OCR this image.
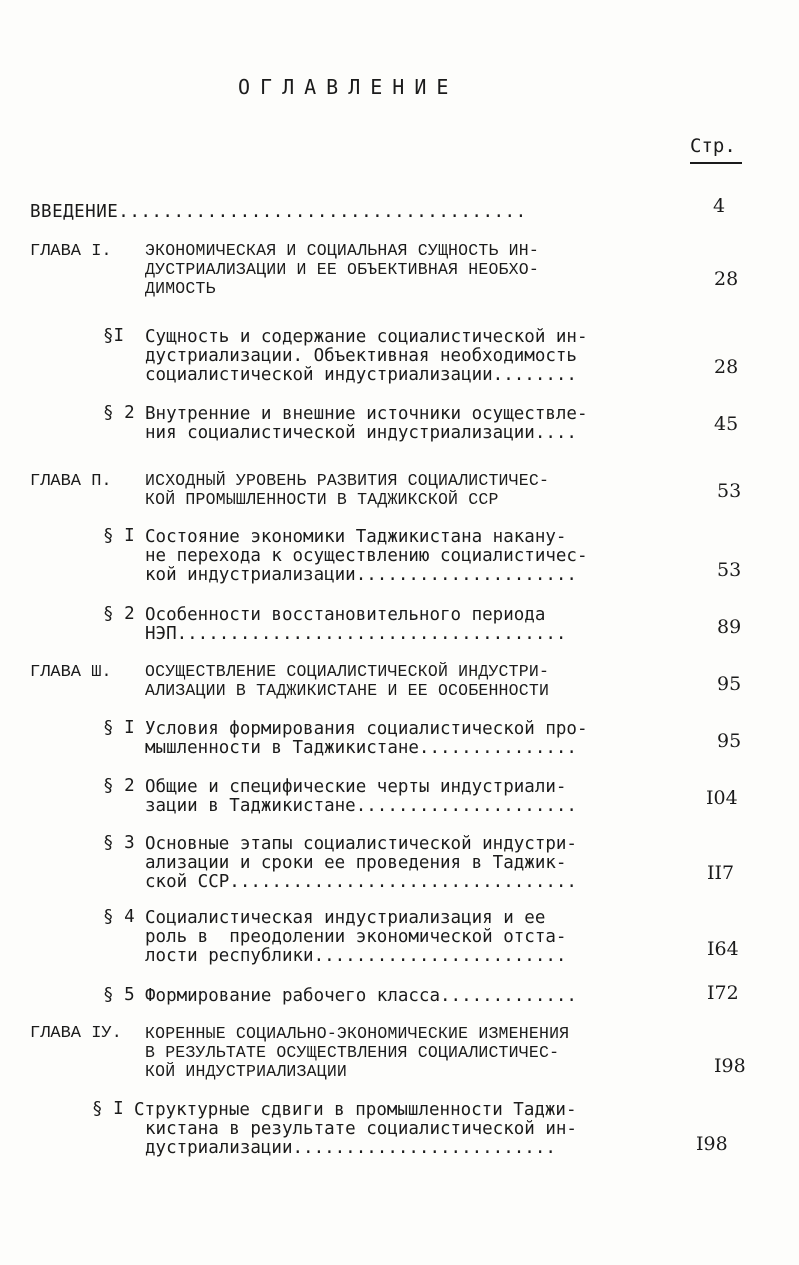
ОГЛАВЛЕНИЕ
Стр.
ВВЕДЕНИЕ.....................................	4
ГЛАВА I. ЭКОНОМИЧЕСКАЯ И СОЦИАЛЬНАЯ СУЩНОСТЬ ИН-
ДУСТРИАЛИЗАЦИИ И ЕЕ ОБЪЕКТИВНАЯ НЕОБХО-
ДИМОСТЬ	28
§I Сущность и содержание социалистической ин-
дустриализации. Объективная необходимость
социалистической индустриализации........	28
§ 2 Внутренние и внешние источники осуществле-
ния социалистической индустриализации....	45
ГЛАВА П. ИСХОДНЫЙ УРОВЕНЬ РАЗВИТИЯ СОЦИАЛИСТИЧЕС-
КОЙ ПРОМЫШЛЕННОСТИ В ТАДЖИКСКОЙ ССР	53
§ I Состояние экономики Таджикистана накану-
не перехода к осуществлению социалистичес-
кой индустриализации.....................	53
§ 2 Особенности восстановительного периода
НЭП.....................................	89
ГЛАВА Ш. ОСУЩЕСТВЛЕНИЕ СОЦИАЛИСТИЧЕСКОЙ ИНДУСТРИ-
АЛИЗАЦИИ В ТАДЖИКИСТАНЕ И ЕЕ ОСОБЕННОСТИ	95
§ I Условия формирования социалистической про-
мышленности в Таджикистане...............	95
§ 2 Общие и специфические черты индустриали-
зации в Таджикистане.....................	I04
§ 3 Основные этапы социалистической индустри-
ализации и сроки ее проведения в Таджик-
ской ССР.................................	II7
§ 4 Социалистическая индустриализация и ее
роль в  преодолении экономической отста-
лости республики........................	I64
§ 5 Формирование рабочего класса.............	I72
ГЛАВА IУ. КОРЕННЫЕ СОЦИАЛЬНО-ЭКОНОМИЧЕСКИЕ ИЗМЕНЕНИЯ
В РЕЗУЛЬТАТЕ ОСУЩЕСТВЛЕНИЯ СОЦИАЛИСТИЧЕС-
КОЙ ИНДУСТРИАЛИЗАЦИИ	I98
§ I Структурные сдвиги в промышленности Таджи-
кистана в результате социалистической ин-
дустриализации.........................	I98
